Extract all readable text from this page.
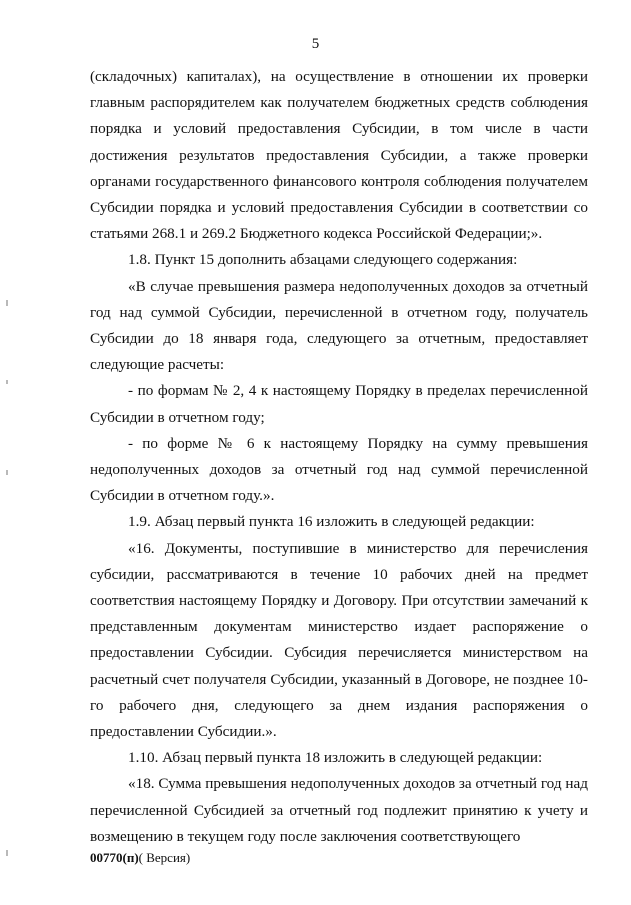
5

(складочных) капиталах), на осуществление в отношении их проверки главным распорядителем как получателем бюджетных средств соблюдения порядка и условий предоставления Субсидии, в том числе в части достижения результатов предоставления Субсидии, а также проверки органами государственного финансового контроля соблюдения получателем Субсидии порядка и условий предоставления Субсидии в соответствии со статьями 268.1 и 269.2 Бюджетного кодекса Российской Федерации;».

1.8. Пункт 15 дополнить абзацами следующего содержания:

«В случае превышения размера недополученных доходов за отчетный год над суммой Субсидии, перечисленной в отчетном году, получатель Субсидии до 18 января года, следующего за отчетным, предоставляет следующие расчеты:

- по формам № 2, 4 к настоящему Порядку в пределах перечисленной Субсидии в отчетном году;

- по форме № 6 к настоящему Порядку на сумму превышения недополученных доходов за отчетный год над суммой перечисленной Субсидии в отчетном году.».

1.9. Абзац первый пункта 16 изложить в следующей редакции:

«16. Документы, поступившие в министерство для перечисления субсидии, рассматриваются в течение 10 рабочих дней на предмет соответствия настоящему Порядку и Договору. При отсутствии замечаний к представленным документам министерство издает распоряжение о предоставлении Субсидии. Субсидия перечисляется министерством на расчетный счет получателя Субсидии, указанный в Договоре, не позднее 10-го рабочего дня, следующего за днем издания распоряжения о предоставлении Субсидии.».

1.10. Абзац первый пункта 18 изложить в следующей редакции:

«18. Сумма превышения недополученных доходов за отчетный год над перечисленной Субсидией за отчетный год подлежит принятию к учету и возмещению в текущем году после заключения соответствующего

00770(п)( Версия)
